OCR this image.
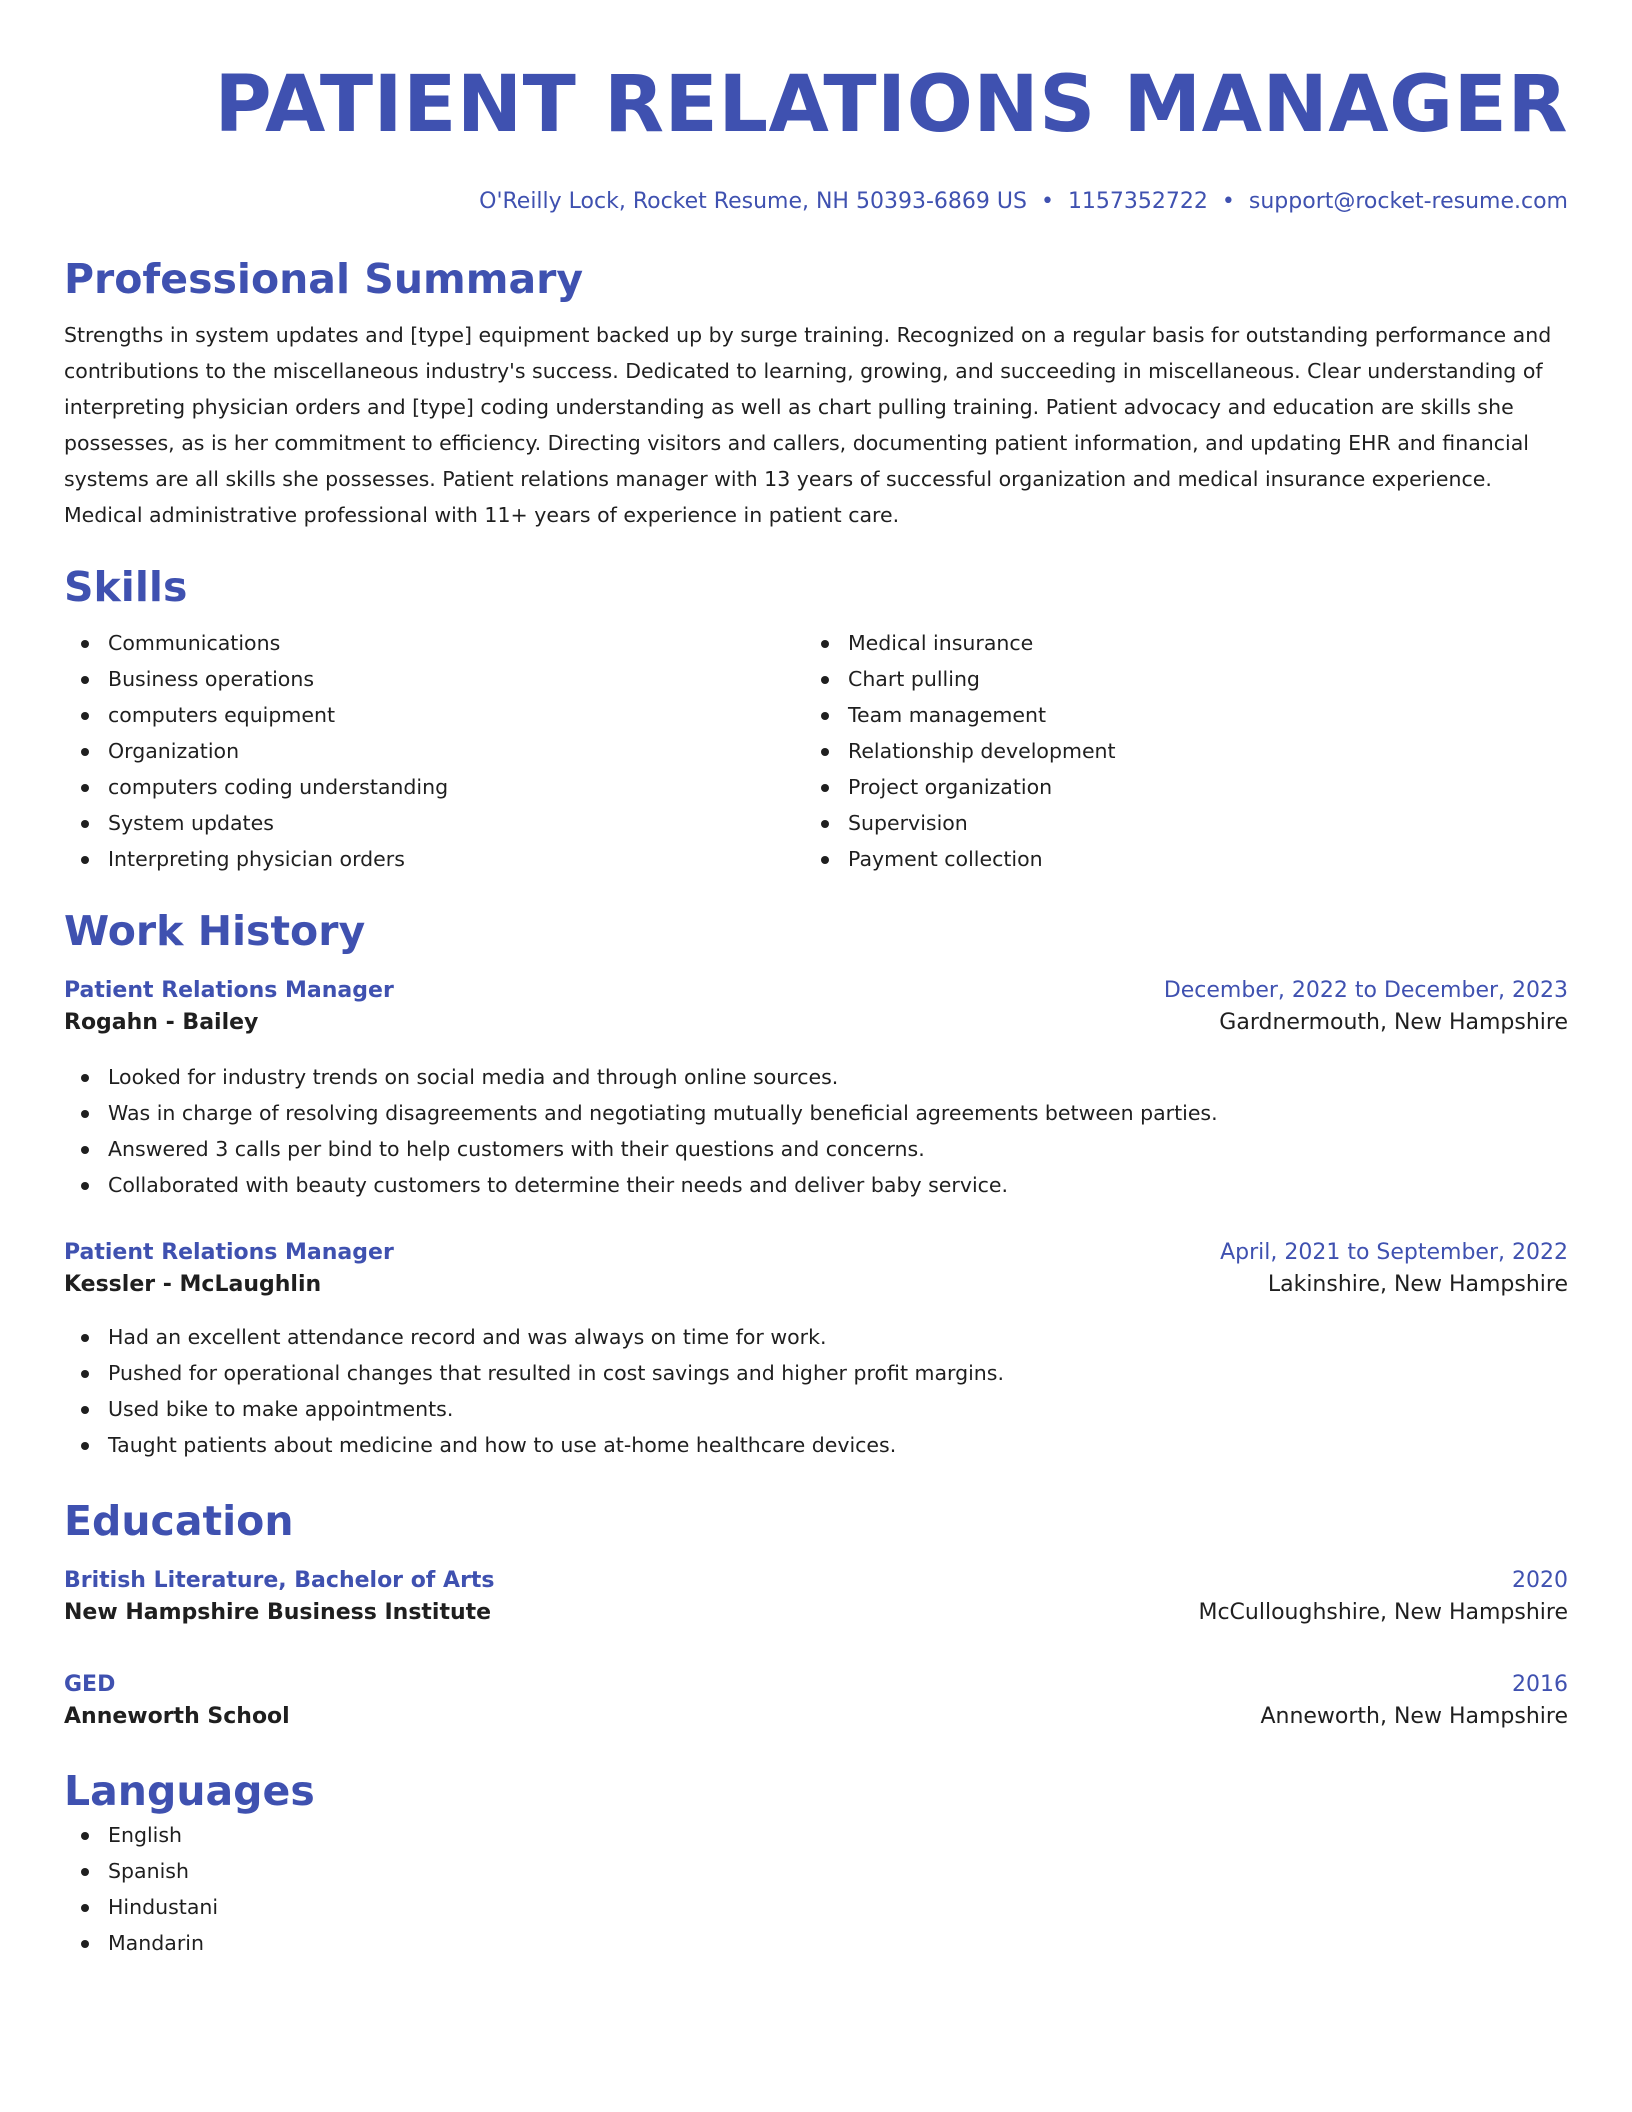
PATIENT RELATIONS MANAGER
O'Reilly Lock, Rocket Resume, NH 50393-6869 US • 1157352722 • support@rocket-resume.com
Professional Summary
Strengths in system updates and [type] equipment backed up by surge training. Recognized on a regular basis for outstanding performance and contributions to the miscellaneous industry's success. Dedicated to learning, growing, and succeeding in miscellaneous. Clear understanding of interpreting physician orders and [type] coding understanding as well as chart pulling training. Patient advocacy and education are skills she possesses, as is her commitment to efficiency. Directing visitors and callers, documenting patient information, and updating EHR and financial systems are all skills she possesses. Patient relations manager with 13 years of successful organization and medical insurance experience. Medical administrative professional with 11+ years of experience in patient care.
Skills
Communications
Business operations
computers equipment
Organization
computers coding understanding
System updates
Interpreting physician orders
Medical insurance
Chart pulling
Team management
Relationship development
Project organization
Supervision
Payment collection
Work History
Patient Relations Manager	December, 2022 to December, 2023
Rogahn - Bailey	Gardnermouth, New Hampshire
Looked for industry trends on social media and through online sources.
Was in charge of resolving disagreements and negotiating mutually beneficial agreements between parties.
Answered 3 calls per bind to help customers with their questions and concerns.
Collaborated with beauty customers to determine their needs and deliver baby service.
Patient Relations Manager	April, 2021 to September, 2022
Kessler - McLaughlin	Lakinshire, New Hampshire
Had an excellent attendance record and was always on time for work.
Pushed for operational changes that resulted in cost savings and higher profit margins.
Used bike to make appointments.
Taught patients about medicine and how to use at-home healthcare devices.
Education
British Literature, Bachelor of Arts	2020
New Hampshire Business Institute	McCulloughshire, New Hampshire
GED	2016
Anneworth School	Anneworth, New Hampshire
Languages
English
Spanish
Hindustani
Mandarin
